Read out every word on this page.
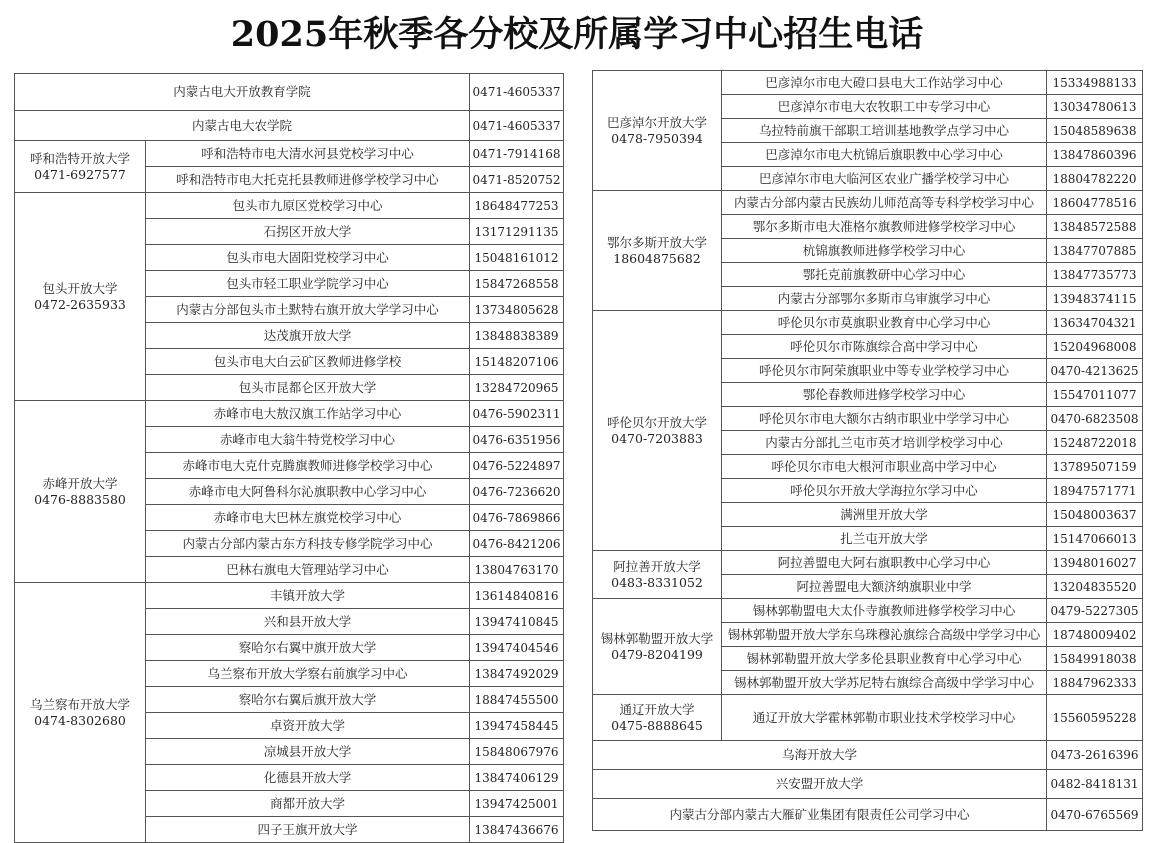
2025年秋季各分校及所属学习中心招生电话
内蒙古电大开放教育学院		0471-4605337
内蒙古电大农学院		0471-4605337

呼和浩特开放大学
0471-6927577	呼和浩特市电大清水河县党校学习中心	0471-7914168
	呼和浩特市电大托克托县教师进修学校学习中心	0471-8520752

包头开放大学
0472-2635933	包头市九原区党校学习中心	18648477253
	石拐区开放大学	13171291135
	包头市电大固阳党校学习中心	15048161012
	包头市轻工职业学院学习中心	15847268558
	内蒙古分部包头市土默特右旗开放大学学习中心	13734805628
	达茂旗开放大学	13848838389
	包头市电大白云矿区教师进修学校	15148207106
	包头市昆都仑区开放大学	13284720965

赤峰开放大学
0476-8883580	赤峰市电大敖汉旗工作站学习中心	0476-5902311
	赤峰市电大翁牛特党校学习中心	0476-6351956
	赤峰市电大克什克腾旗教师进修学校学习中心	0476-5224897
	赤峰市电大阿鲁科尔沁旗职教中心学习中心	0476-7236620
	赤峰市电大巴林左旗党校学习中心	0476-7869866
	内蒙古分部内蒙古东方科技专修学院学习中心	0476-8421206
	巴林右旗电大管理站学习中心	13804763170

乌兰察布开放大学
0474-8302680	丰镇开放大学	13614840816
	兴和县开放大学	13947410845
	察哈尔右翼中旗开放大学	13947404546
	乌兰察布开放大学察右前旗学习中心	13847492029
	察哈尔右翼后旗开放大学	18847455500
	卓资开放大学	13947458445
	凉城县开放大学	15848067976
	化德县开放大学	13847406129
	商都开放大学	13947425001
	四子王旗开放大学	13847436676
巴彦淖尔开放大学
0478-7950394	巴彦淖尔市电大磴口县电大工作站学习中心	15334988133
	巴彦淖尔市电大农牧职工中专学习中心	13034780613
	乌拉特前旗干部职工培训基地教学点学习中心	15048589638
	巴彦淖尔市电大杭锦后旗职教中心学习中心	13847860396
	巴彦淖尔市电大临河区农业广播学校学习中心	18804782220

鄂尔多斯开放大学
18604875682	内蒙古分部内蒙古民族幼儿师范高等专科学校学习中心	18604778516
	鄂尔多斯市电大准格尔旗教师进修学校学习中心	13848572588
	杭锦旗教师进修学校学习中心	13847707885
	鄂托克前旗教研中心学习中心	13847735773
	内蒙古分部鄂尔多斯市乌审旗学习中心	13948374115

呼伦贝尔开放大学
0470-7203883	呼伦贝尔市莫旗职业教育中心学习中心	13634704321
	呼伦贝尔市陈旗综合高中学习中心	15204968008
	呼伦贝尔市阿荣旗职业中等专业学校学习中心	0470-4213625
	鄂伦春教师进修学校学习中心	15547011077
	呼伦贝尔市电大额尔古纳市职业中学学习中心	0470-6823508
	内蒙古分部扎兰屯市英才培训学校学习中心	15248722018
	呼伦贝尔市电大根河市职业高中学习中心	13789507159
	呼伦贝尔开放大学海拉尔学习中心	18947571771
	满洲里开放大学	15048003637
	扎兰屯开放大学	15147066013

阿拉善开放大学
0483-8331052	阿拉善盟电大阿右旗职教中心学习中心	13948016027
	阿拉善盟电大额济纳旗职业中学	13204835520

锡林郭勒盟开放大学
0479-8204199	锡林郭勒盟电大太仆寺旗教师进修学校学习中心	0479-5227305
	锡林郭勒盟开放大学东乌珠穆沁旗综合高级中学学习中心	18748009402
	锡林郭勒盟开放大学多伦县职业教育中心学习中心	15849918038
	锡林郭勒盟开放大学苏尼特右旗综合高级中学学习中心	18847962333

通辽开放大学
0475-8888645	通辽开放大学霍林郭勒市职业技术学校学习中心	15560595228
乌海开放大学		0473-2616396
兴安盟开放大学		0482-8418131
内蒙古分部内蒙古大雁矿业集团有限责任公司学习中心		0470-6765569
